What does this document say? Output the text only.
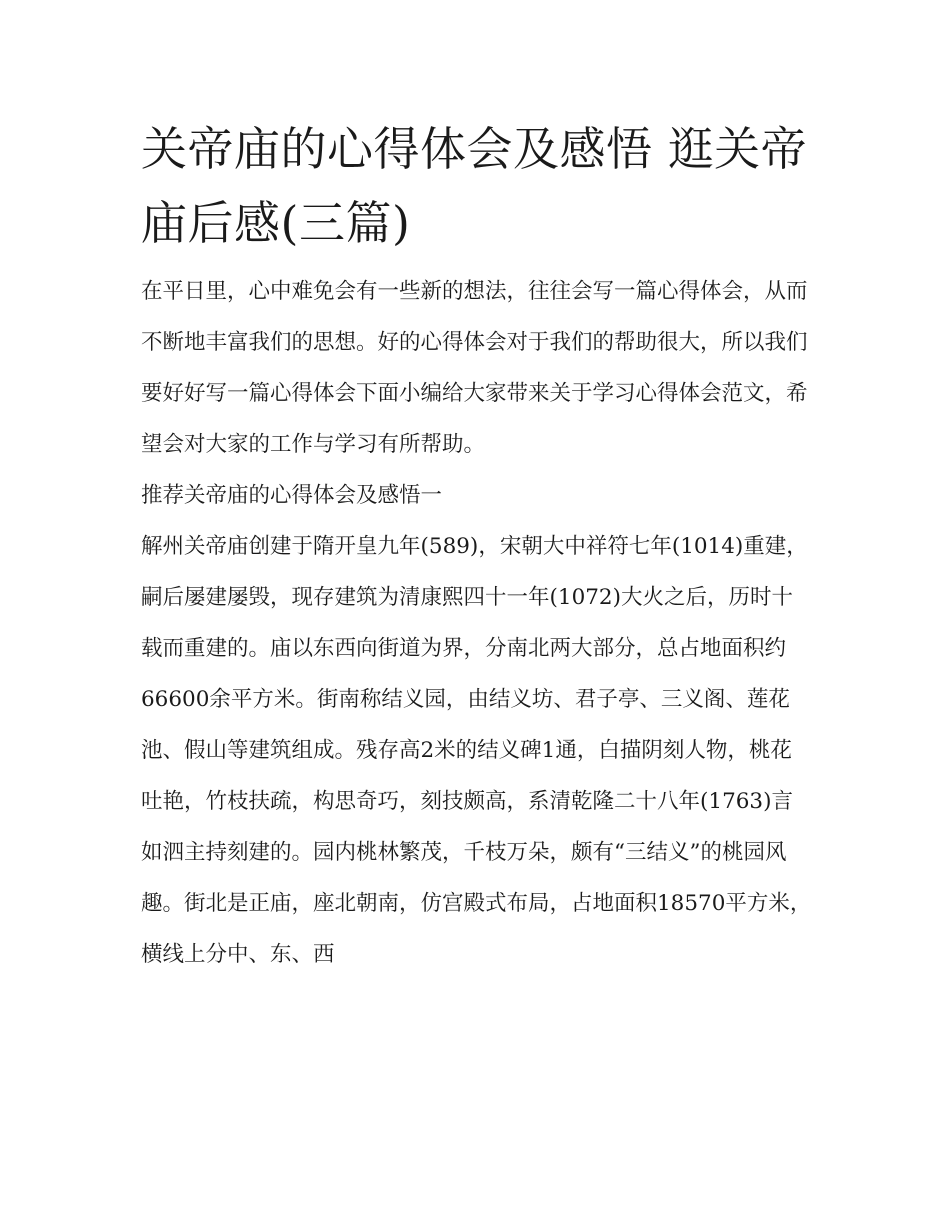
关帝庙的心得体会及感悟 逛关帝庙后感(三篇)

在平日里，心中难免会有一些新的想法，往往会写一篇心得体会，从而不断地丰富我们的思想。好的心得体会对于我们的帮助很大，所以我们要好好写一篇心得体会下面小编给大家带来关于学习心得体会范文，希望会对大家的工作与学习有所帮助。

推荐关帝庙的心得体会及感悟一

解州关帝庙创建于隋开皇九年(589)，宋朝大中祥符七年(1014)重建，嗣后屡建屡毁，现存建筑为清康熙四十一年(1072)大火之后，历时十载而重建的。庙以东西向街道为界，分南北两大部分，总占地面积约

66600余平方米。街南称结义园，由结义坊、君子亭、三义阁、莲花池、假山等建筑组成。残存高2米的结义碑1通，白描阴刻人物，桃花吐艳，竹枝扶疏，构思奇巧，刻技颇高，系清乾隆二十八年(1763)言如泗主持刻建的。园内桃林繁茂，千枝万朵，颇有“三结义”的桃园风趣。街北是正庙，座北朝南，仿宫殿式布局，占地面积18570平方米，横线上分中、东、西
